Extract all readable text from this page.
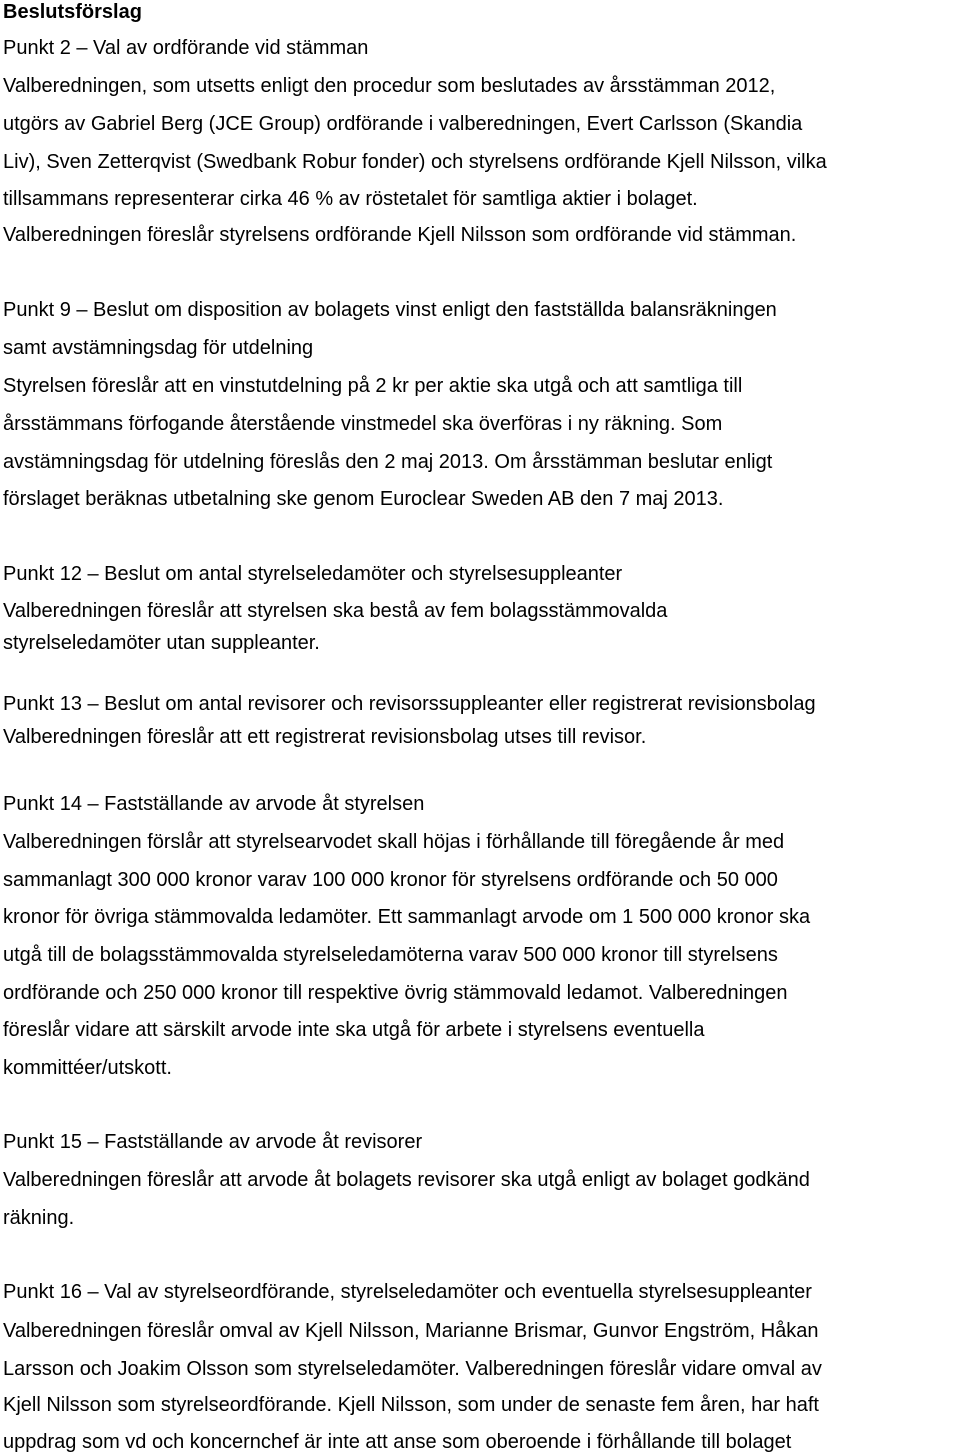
Beslutsförslag
Punkt 2 – Val av ordförande vid stämman
Valberedningen, som utsetts enligt den procedur som beslutades av årsstämman 2012,
utgörs av Gabriel Berg (JCE Group) ordförande i valberedningen, Evert Carlsson (Skandia
Liv), Sven Zetterqvist (Swedbank Robur fonder) och styrelsens ordförande Kjell Nilsson, vilka
tillsammans representerar cirka 46 % av röstetalet för samtliga aktier i bolaget.
Valberedningen föreslår styrelsens ordförande Kjell Nilsson som ordförande vid stämman.
Punkt 9 – Beslut om disposition av bolagets vinst enligt den fastställda balansräkningen
samt avstämningsdag för utdelning
Styrelsen föreslår att en vinstutdelning på 2 kr per aktie ska utgå och att samtliga till
årsstämmans förfogande återstående vinstmedel ska överföras i ny räkning. Som
avstämningsdag för utdelning föreslås den 2 maj 2013. Om årsstämman beslutar enligt
förslaget beräknas utbetalning ske genom Euroclear Sweden AB den 7 maj 2013.
Punkt 12 – Beslut om antal styrelseledamöter och styrelsesuppleanter
Valberedningen föreslår att styrelsen ska bestå av fem bolagsstämmovalda
styrelseledamöter utan suppleanter.
Punkt 13 – Beslut om antal revisorer och revisorssuppleanter eller registrerat revisionsbolag
Valberedningen föreslår att ett registrerat revisionsbolag utses till revisor.
Punkt 14 – Fastställande av arvode åt styrelsen
Valberedningen förslår att styrelsearvodet skall höjas i förhållande till föregående år med
sammanlagt 300 000 kronor varav 100 000 kronor för styrelsens ordförande och 50 000
kronor för övriga stämmovalda ledamöter. Ett sammanlagt arvode om 1 500 000 kronor ska
utgå till de bolagsstämmovalda styrelseledamöterna varav 500 000 kronor till styrelsens
ordförande och 250 000 kronor till respektive övrig stämmovald ledamot. Valberedningen
föreslår vidare att särskilt arvode inte ska utgå för arbete i styrelsens eventuella
kommittéer/utskott.
Punkt 15 – Fastställande av arvode åt revisorer
Valberedningen föreslår att arvode åt bolagets revisorer ska utgå enligt av bolaget godkänd
räkning.
Punkt 16 – Val av styrelseordförande, styrelseledamöter och eventuella styrelsesuppleanter
Valberedningen föreslår omval av Kjell Nilsson, Marianne Brismar, Gunvor Engström, Håkan
Larsson och Joakim Olsson som styrelseledamöter. Valberedningen föreslår vidare omval av
Kjell Nilsson som styrelseordförande. Kjell Nilsson, som under de senaste fem åren, har haft
uppdrag som vd och koncernchef är inte att anse som oberoende i förhållande till bolaget
